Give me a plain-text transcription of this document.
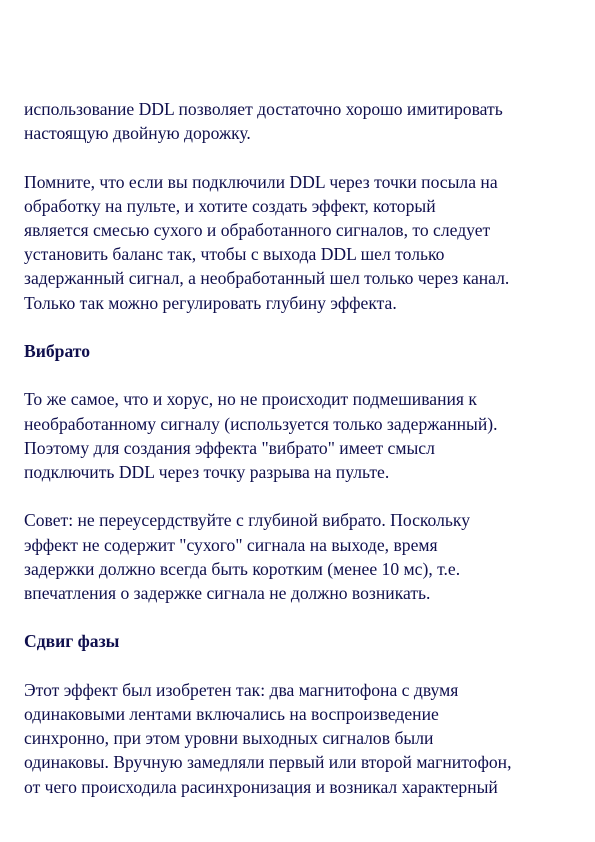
использование DDL позволяет достаточно хорошо имитировать
настоящую двойную дорожку.

Помните, что если вы подключили DDL через точки посыла на
обработку на пульте, и хотите создать эффект, который
является смесью сухого и обработанного сигналов, то следует
установить баланс так, чтобы с выхода DDL шел только
задержанный сигнал, а необработанный шел только через канал.
Только так можно регулировать глубину эффекта.

Вибрато

То же самое, что и хорус, но не происходит подмешивания к
необработанному сигналу (используется только задержанный).
Поэтому для создания эффекта "вибрато" имеет смысл
подключить DDL через точку разрыва на пульте.

Совет: не переусердствуйте с глубиной вибрато. Поскольку
эффект не содержит "сухого" сигнала на выходе, время
задержки должно всегда быть коротким (менее 10 мс), т.е.
впечатления о задержке сигнала не должно возникать.

Сдвиг фазы

Этот эффект был изобретен так: два магнитофона с двумя
одинаковыми лентами включались на воспроизведение
синхронно, при этом уровни выходных сигналов были
одинаковы. Вручную замедляли первый или второй магнитофон,
от чего происходила расинхронизация и возникал характерный
